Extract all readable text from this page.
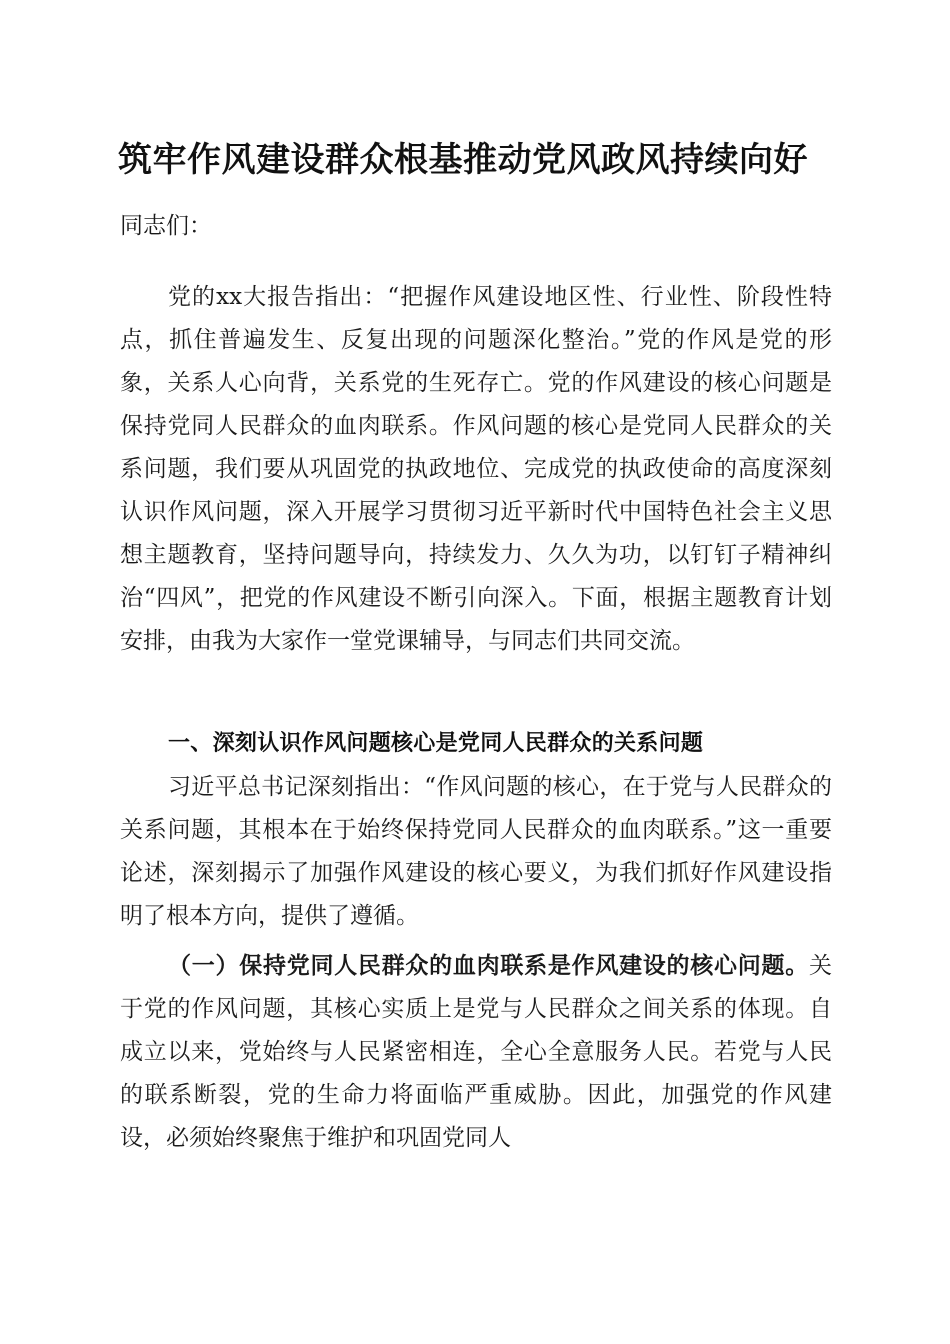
筑牢作风建设群众根基推动党风政风持续向好

同志们：

党的xx大报告指出：“把握作风建设地区性、行业性、阶段性特点，抓住普遍发生、反复出现的问题深化整治。”党的作风是党的形象，关系人心向背，关系党的生死存亡。党的作风建设的核心问题是保持党同人民群众的血肉联系。作风问题的核心是党同人民群众的关系问题，我们要从巩固党的执政地位、完成党的执政使命的高度深刻认识作风问题，深入开展学习贯彻习近平新时代中国特色社会主义思想主题教育，坚持问题导向，持续发力、久久为功，以钉钉子精神纠治“四风”，把党的作风建设不断引向深入。下面，根据主题教育计划安排，由我为大家作一堂党课辅导，与同志们共同交流。

一、深刻认识作风问题核心是党同人民群众的关系问题

习近平总书记深刻指出：“作风问题的核心，在于党与人民群众的关系问题，其根本在于始终保持党同人民群众的血肉联系。”这一重要论述，深刻揭示了加强作风建设的核心要义，为我们抓好作风建设指明了根本方向，提供了遵循。

（一）保持党同人民群众的血肉联系是作风建设的核心问题。关于党的作风问题，其核心实质上是党与人民群众之间关系的体现。自成立以来，党始终与人民紧密相连，全心全意服务人民。若党与人民的联系断裂，党的生命力将面临严重威胁。因此，加强党的作风建设，必须始终聚焦于维护和巩固党同人
